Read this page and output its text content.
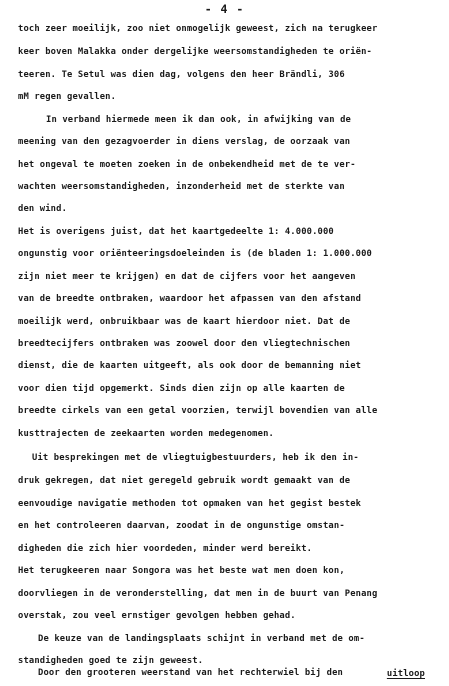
- 4 -
toch zeer moeilijk, zoo niet onmogelijk geweest, zich na terugkeer
keer boven Malakka onder dergelijke weersomstandigheden te oriën-
teeren. Te Setul was dien dag, volgens den heer Brändli, 306
mM regen gevallen.
In verband hiermede meen ik dan ook, in afwijking van de
meening van den gezagvoerder in diens verslag, de oorzaak van
het ongeval te moeten zoeken in de onbekendheid met de te ver-
wachten weersomstandigheden, inzonderheid met de sterkte van
den wind.
Het is overigens juist, dat het kaartgedeelte 1: 4.000.000
ongunstig voor oriënteeringsdoeleinden is (de bladen 1: 1.000.000
zijn niet meer te krijgen) en dat de cijfers voor het aangeven
van de breedte ontbraken, waardoor het afpassen van den afstand
moeilijk werd, onbruikbaar was de kaart hierdoor niet. Dat de
breedtecijfers ontbraken was zoowel door den vliegtechnischen
dienst, die de kaarten uitgeeft, als ook door de bemanning niet
voor dien tijd opgemerkt. Sinds dien zijn op alle kaarten de
breedte cirkels van een getal voorzien, terwijl bovendien van alle
kusttrajecten de zeekaarten worden medegenomen.
Uit besprekingen met de vliegtuigbestuurders, heb ik den in-
druk gekregen, dat niet geregeld gebruik wordt gemaakt van de
eenvoudige navigatie methoden tot opmaken van het gegist bestek
en het controleeren daarvan, zoodat in de ongunstige omstan-
digheden die zich hier voordeden, minder werd bereikt.
Het terugkeeren naar Songora was het beste wat men doen kon,
doorvliegen in de veronderstelling, dat men in de buurt van Penang
overstak, zou veel ernstiger gevolgen hebben gehad.
De keuze van de landingsplaats schijnt in verband met de om-
standigheden goed te zijn geweest.
Door den grooteren weerstand van het rechterwiel bij den	uitloop
